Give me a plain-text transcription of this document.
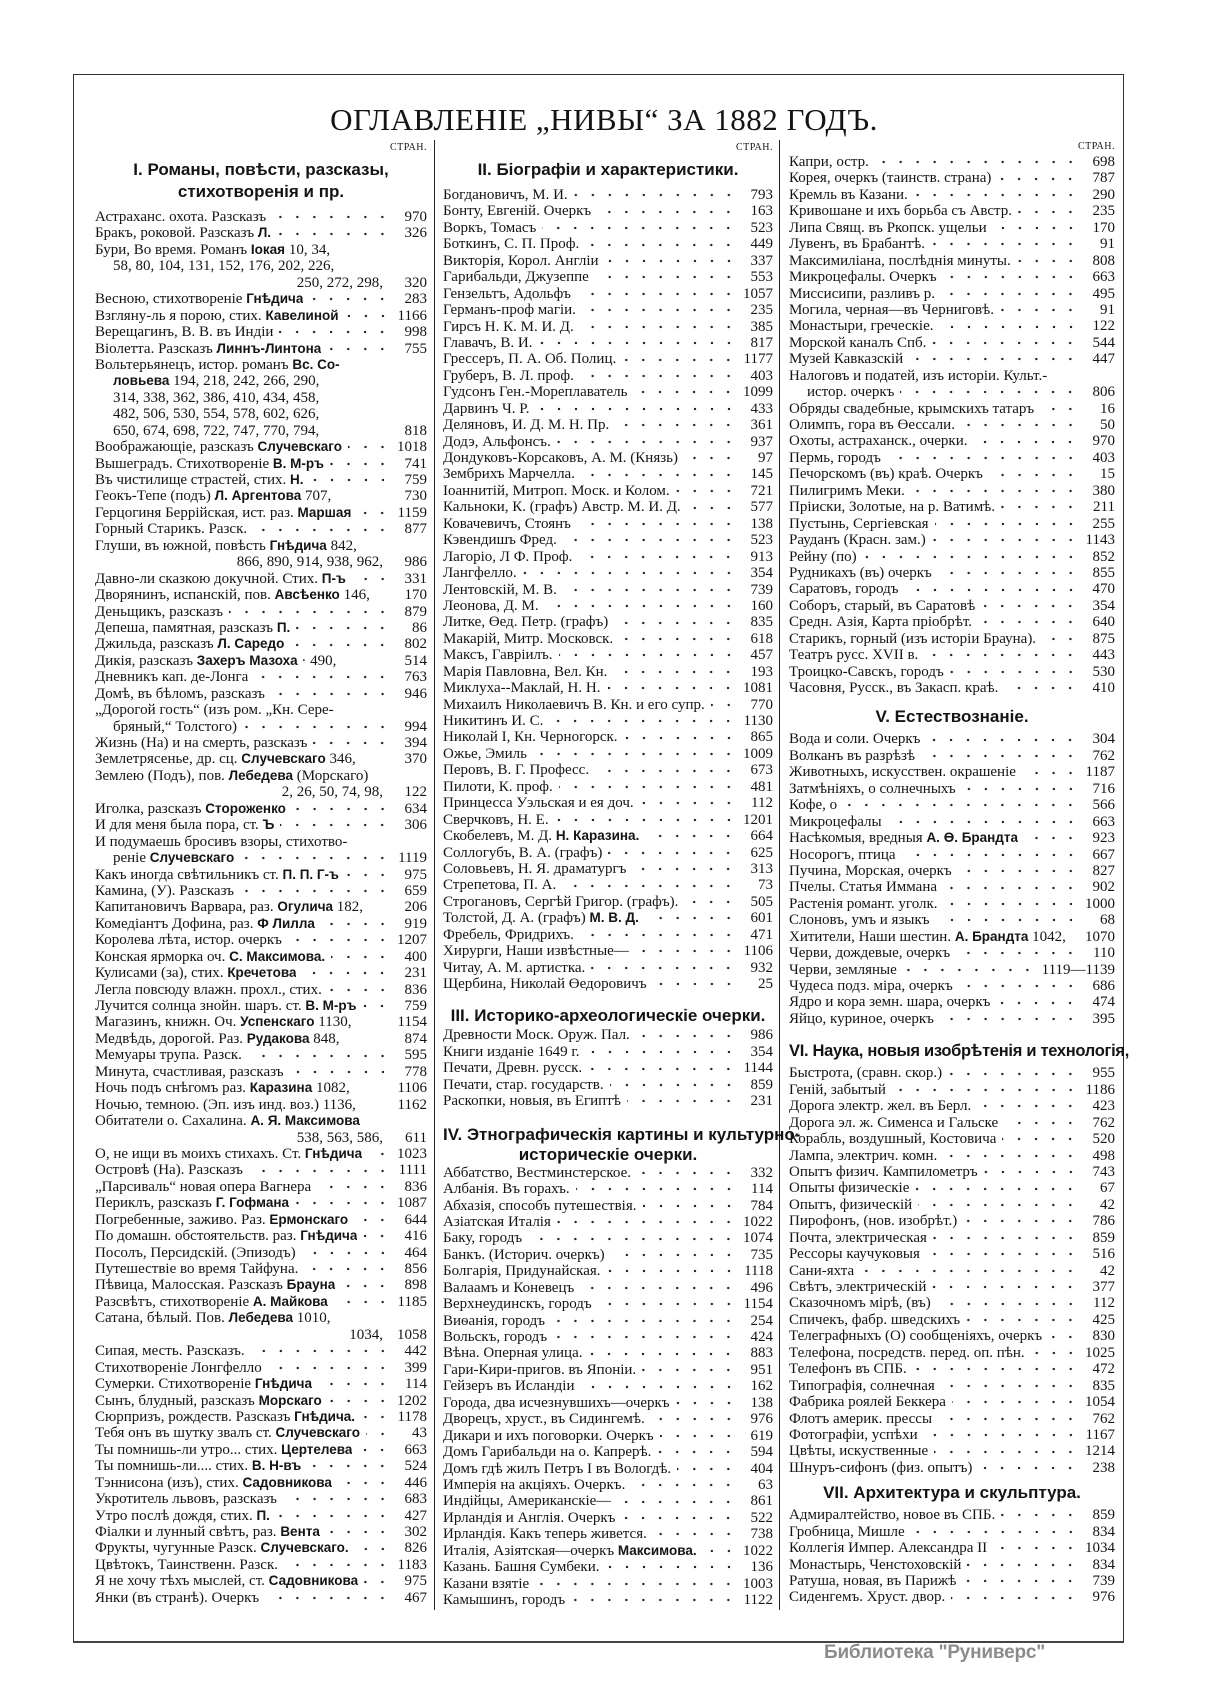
ОГЛАВЛЕНІЕ „НИВЫ“ ЗА 1882 ГОДЪ.
СТРАН.
I. Романы, повѣсти, разсказы,
стихотворенія и пр.
Астраханс. охота. Разсказъ	970
Бракъ, роковой. Разсказъ Л.	326
Бури, Во время. Романъ Іокая 10, 34,
58, 80, 104, 131, 152, 176, 202, 226,
250, 272, 298,	320
Весною, стихотвореніе Гнѣдича	283
Взгляну-ль я порою, стих. Кавелиной	1166
Верещагинъ, В. В. въ Индіи	998
Віолетта. Разсказъ Линнъ-Линтона	755
Вольтерьянецъ, истор. романъ Вс. Со-
ловьева 194, 218, 242, 266, 290,
314, 338, 362, 386, 410, 434, 458,
482, 506, 530, 554, 578, 602, 626,
650, 674, 698, 722, 747, 770, 794,	818
Воображающіе, разсказъ Случевскаго	1018
Вышеградъ. Стихотвореніе В. М-ръ	741
Въ чистилище страстей, стих. Н.	759
Геокъ-Тепе (подъ) Л. Аргентова 707,	730
Герцогиня Беррійская, ист. раз. Маршая	1159
Горный Старикъ. Разск.	877
Глуши, въ южной, повѣсть Гнѣдича 842,
866, 890, 914, 938, 962,	986
Давно-ли сказкою докучной. Стих. П-ъ	331
Дворянинъ, испанскій, пов. Авсѣенко 146,	170
Деньщикъ, разсказъ	879
Депеша, памятная, разсказъ П.	86
Джильда, разсказъ Л. Саредо	802
Дикія, разсказъ Захеръ Мазоха · 490,	514
Дневникъ кап. де-Лонга	763
Домѣ, въ бѣломъ, разсказъ	946
„Дорогой гость“ (изъ ром. „Кн. Сере-
бряный,“ Толстого)	994
Жизнь (На) и на смерть, разсказъ	394
Землетрясенье, др. сц. Случевскаго 346,	370
Землею (Подъ), пов. Лебедева (Морскаго)
2, 26, 50, 74, 98,	122
Иголка, разсказъ Стороженко	634
И для меня была пора, ст. Ъ	306
И подумаешь бросивъ взоры, стихотво-
реніе Случевскаго	1119
Какъ иногда свѣтильникъ ст. П. П. Г-ъ	975
Камина, (У). Разсказъ	659
Капитановичъ Варвара, раз. Огулича 182,	206
Комедіантъ Дофина, раз. Ф Лилла	919
Королева лѣта, истор. очеркъ	1207
Конская ярморка оч. С. Максимова.	400
Кулисами (за), стих. Кречетова	231
Легла повсюду влажн. прохл., стих.	836
Лучится солнца знойн. шаръ. ст. В. М-ръ	759
Магазинъ, книжн. Оч. Успенскаго 1130,	1154
Медвѣдь, дорогой. Раз. Рудакова 848,	874
Мемуары трупа. Разск.	595
Минута, счастливая, разсказъ	778
Ночь подъ снѣгомъ раз. Каразина 1082,	1106
Ночью, темною. (Эп. изъ инд. воз.) 1136,	1162
Обитатели о. Сахалина. А. Я. Максимова
538, 563, 586,	611
О, не ищи въ моихъ стихахъ. Ст. Гнѣдича 1023
Островѣ (На). Разсказъ	1111
„Парсиваль“ новая опера Вагнера	836
Периклъ, разсказъ Г. Гофмана	1087
Погребенные, заживо. Раз. Ермонскаго	644
По домашн. обстоятельств. раз. Гнѣдича	416
Посолъ, Персидскій. (Эпизодъ)	464
Путешествіе во время Тайфуна.	856
Пѣвица, Малосская. Разсказъ Брауна	898
Разсвѣтъ, стихотвореніе А. Майкова	1185
Сатана, бѣлый. Пов. Лебедева 1010,
1034, 1058
Сипая, месть. Разсказъ.	442
Стихотвореніе Лонгфелло	399
Сумерки. Стихотвореніе Гнѣдича	114
Сынъ, блудный, разсказъ Морскаго	1202
Сюрпризъ, рождеств. Разсказъ Гнѣдича.	1178
Тебя онъ въ шутку звалъ ст. Случевскаго	43
Ты помнишь-ли утро... стих. Цертелева	663
Ты помнишь-ли.... стих. В. Н-въ	524
Тэннисона (изъ), стих. Садовникова	446
Укротитель львовъ, разсказъ	683
Утро послѣ дождя, стих. П.	427
Фіалки и лунный свѣтъ, раз. Вента	302
Фрукты, чугунные Разск. Случевскаго.	826
Цвѣтокъ, Таинственн. Разск.	1183
Я не хочу тѣхъ мыслей, ст. Садовникова	975
Янки (въ странѣ). Очеркъ	467
СТРАН.
II. Біографіи и характеристики.
Богдановичъ, М. И.	793
Бонту, Евгеній. Очеркъ	163
Воркъ, Томасъ	523
Боткинъ, С. П. Проф.	449
Викторія, Корол. Англіи	337
Гарибальди, Джузеппе	553
Гензельтъ, Адольфъ	1057
Германъ-проф магіи.	235
Гирсъ Н. К. М. И. Д.	385
Главачъ, В. И.	817
Грессеръ, П. А. Об. Полиц.	1177
Груберъ, В. Л. проф.	403
Гудсонъ Ген.-Мореплаватель	1099
Дарвинъ Ч. Р.	433
Деляновъ, И. Д. М. Н. Пр.	361
Додэ, Альфонсъ.	937
Дондуковъ-Корсаковъ, А. М. (Князь)	97
Зембрихъ Марчелла.	145
Іоаннитій, Митроп. Моск. и Колом.	721
Кальноки, К. (графъ) Австр. М. И. Д.	577
Ковачевичъ, Стоянъ	138
Кэвендишъ Фред.	523
Лагоріо, Л Ф. Проф.	913
Лангфелло.	354
Лентовскій, М. В.	739
Леонова, Д. М.	160
Литке, Өед. Петр. (графъ)	835
Макарій, Митр. Московск.	618
Максъ, Гавріилъ.	457
Марія Павловна, Вел. Кн.	193
Миклуха--Маклай, Н. Н.	1081
Михаилъ Николаевичъ В. Кн. и его супр.	770
Никитинъ И. С.	1130
Николай I, Кн. Черногорск.	865
Ожье, Эмиль	1009
Перовъ, В. Г. Професс.	673
Пилоти, К. проф.	481
Принцесса Уэльская и ея доч.	112
Сверчковъ, Н. Е.	1201
Скобелевъ, М. Д. Н. Каразина.	664
Соллогубъ, В. А. (графъ)	625
Соловьевъ, Н. Я. драматургъ	313
Стрепетова, П. А.	73
Строгановъ, Сергѣй Григор. (графъ).	505
Толстой, Д. А. (графъ) М. В. Д.	601
Фребель, Фридрихъ.	471
Хирурги, Наши извѣстные—	1106
Читау, А. М. артистка.	932
Щербина, Николай Өедоровичъ	25
III. Историко-археологическіе очерки.
Древности Моск. Оруж. Пал.	986
Книги изданіе 1649 г.	354
Печати, Древн. русск.	1144
Печати, стар. государств.	859
Раскопки, новыя, въ Египтѣ	231
IV. Этнографическія картины и культурно-
историческіе очерки.
Аббатство, Вестминстерское.	332
Албанія. Въ горахъ.	114
Абхазія, способъ путешествія.	784
Азіатская Италія	1022
Баку, городъ	1074
Банкъ. (Историч. очеркъ)	735
Болгарія, Придунайская.	1118
Валаамъ и Коневецъ	496
Верхнеудинскъ, городъ	1154
Виѳанія, городъ	254
Вольскъ, городъ	424
Вѣна. Оперная улица.	883
Гари-Кири-пригов. въ Японіи.	951
Гейзеръ въ Исландіи	162
Города, два исчезнувшихъ—очеркъ	138
Дворецъ, хруст., въ Сидингемѣ.	976
Дикари и ихъ поговорки. Очеркъ	619
Домъ Гарибальди на о. Капрерѣ.	594
Домъ гдѣ жилъ Петръ I въ Вологдѣ.	404
Имперія на акціяхъ. Очеркъ.	63
Индійцы, Американскіе—	861
Ирландія и Англія. Очеркъ	522
Ирландія. Какъ теперь живется.	738
Италія, Азіятская—очеркъ Максимова.	1022
Казань. Башня Сумбеки.	136
Казани взятіе	1003
Камышинъ, городъ	1122
СТРАН.
Капри, остр.	698
Корея, очеркъ (таинств. страна)	787
Кремль въ Казани.	290
Кривошане и ихъ борьба съ Австр.	235
Липа Свящ. въ Ркопск. ущельи	170
Лувенъ, въ Брабантѣ.	91
Максимиліана, послѣднія минуты.	808
Микроцефалы. Очеркъ	663
Миссисипи, разливъ р.	495
Могила, черная—въ Черниговѣ.	91
Монастыри, греческіе.	122
Морской каналъ Спб.	544
Музей Кавказскій	447
Налоговъ и податей, изъ исторіи. Культ.-
истор. очеркъ	806
Обряды свадебные, крымскихъ татаръ	16
Олимпъ, гора въ Өессали.	50
Охоты, астраханск., очерки.	970
Пермь, городъ	403
Печорскомъ (въ) краѣ. Очеркъ	15
Пилигримъ Меки.	380
Пріиски, Золотые, на р. Ватимѣ.	211
Пустынь, Сергіевская	255
Рауданъ (Красн. зам.)	1143
Рейну (по)	852
Рудникахъ (въ) очеркъ	855
Саратовъ, городъ	470
Соборъ, старый, въ Саратовѣ	354
Средн. Азія, Карта пріобрѣт.	640
Старикъ, горный (изъ исторіи Брауна).	875
Театръ русс. XVII в.	443
Троицко-Савскъ, городъ	530
Часовня, Русск., въ Закасп. краѣ.	410
V. Естествознаніе.
Вода и соли. Очеркъ	304
Волканъ въ разрѣзѣ	762
Животныхъ, искусствен. окрашеніе	1187
Затмѣніяхъ, о солнечныхъ	716
Кофе, о	566
Микроцефалы	663
Насѣкомыя, вредныя А. Ө. Брандта	923
Носорогъ, птица	667
Пучина, Морская, очеркъ	827
Пчелы. Статья Иммана	902
Растенія романт. уголк.	1000
Слоновъ, умъ и языкъ	68
Хитители, Наши шестин. А. Брандта 1042, 1070
Черви, дождевые, очеркъ	110
Черви, земляные	1119—1139
Чудеса подз. міра, очеркъ	686
Ядро и кора земн. шара, очеркъ	474
Яйцо, куриное, очеркъ	395
VI. Наука, новыя изобрѣтенія и технологія,
Быстрота, (сравн. скор.)	955
Геній, забытый	1186
Дорога электр. жел. въ Берл.	423
Дорога эл. ж. Сименса и Гальске	762
Корабль, воздушный, Костовича	520
Лампа, электрич. комн.	498
Опытъ физич. Кампилометръ	743
Опыты физическіе	67
Опытъ, физическій	42
Пирофонъ, (нов. изобрѣт.)	786
Почта, электрическая	859
Рессоры каучуковыя	516
Сани-яхта	42
Свѣтъ, электрическій	377
Сказочномъ мірѣ, (въ)	112
Спичекъ, фабр. шведскихъ	425
Телеграфныхъ (О) сообщеніяхъ, очеркъ	830
Телефона, посредств. перед. оп. пѣн.	1025
Телефонъ въ СПБ.	472
Типографія, солнечная	835
Фабрика роялей Беккера	1054
Флотъ америк. прессы	762
Фотографіи, успѣхи	1167
Цвѣты, искуственные	1214
Шнуръ-сифонъ (физ. опытъ)	238
VII. Архитектура и скульптура.
Адмиралтейство, новое въ СПБ.	859
Гробница, Мишле	834
Коллегія Импер. Александра II	1034
Монастырь, Ченстоховскій	834
Ратуша, новая, въ Парижѣ	739
Сиденгемъ. Хруст. двор.	976
Библиотека "Руниверс"
